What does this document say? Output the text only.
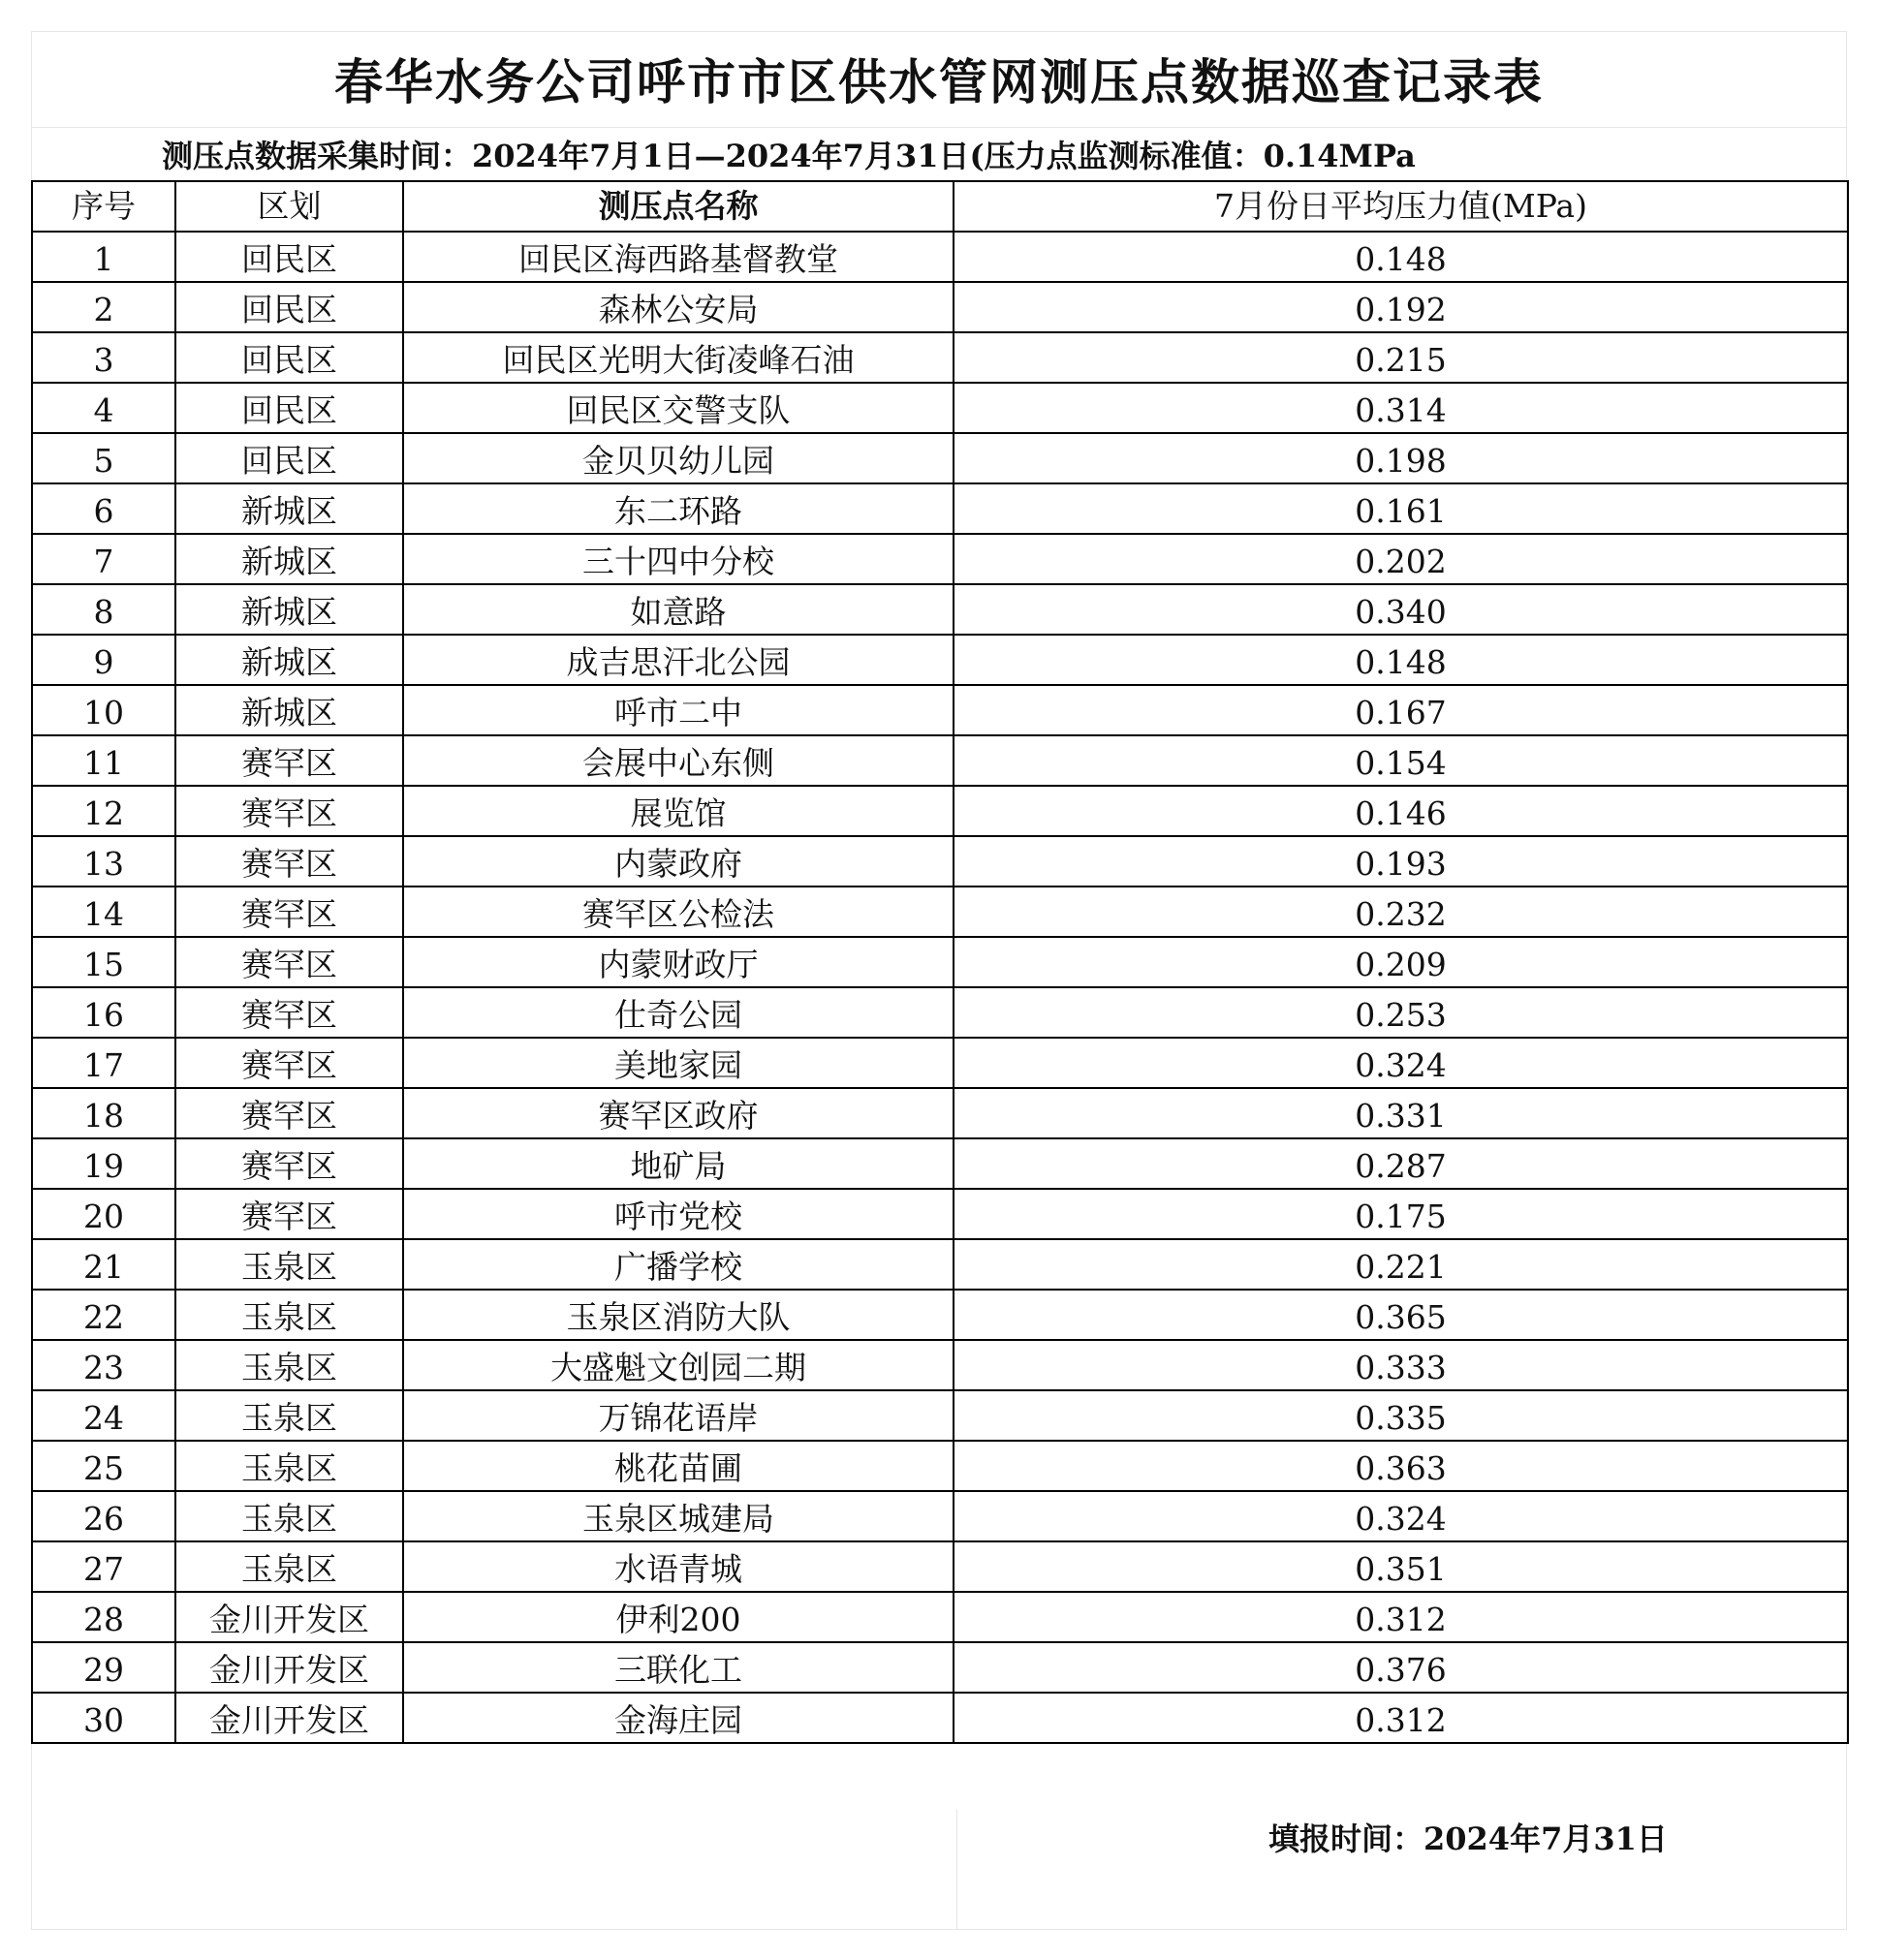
春华水务公司呼市市区供水管网测压点数据巡查记录表
测压点数据采集时间：2024年7月1日—2024年7月31日(压力点监测标准值：0.14MPa
序号	区划	测压点名称	7月份日平均压力值(MPa)
1	回民区	回民区海西路基督教堂	0.148
2	回民区	森林公安局	0.192
3	回民区	回民区光明大街凌峰石油	0.215
4	回民区	回民区交警支队	0.314
5	回民区	金贝贝幼儿园	0.198
6	新城区	东二环路	0.161
7	新城区	三十四中分校	0.202
8	新城区	如意路	0.340
9	新城区	成吉思汗北公园	0.148
10	新城区	呼市二中	0.167
11	赛罕区	会展中心东侧	0.154
12	赛罕区	展览馆	0.146
13	赛罕区	内蒙政府	0.193
14	赛罕区	赛罕区公检法	0.232
15	赛罕区	内蒙财政厅	0.209
16	赛罕区	仕奇公园	0.253
17	赛罕区	美地家园	0.324
18	赛罕区	赛罕区政府	0.331
19	赛罕区	地矿局	0.287
20	赛罕区	呼市党校	0.175
21	玉泉区	广播学校	0.221
22	玉泉区	玉泉区消防大队	0.365
23	玉泉区	大盛魁文创园二期	0.333
24	玉泉区	万锦花语岸	0.335
25	玉泉区	桃花苗圃	0.363
26	玉泉区	玉泉区城建局	0.324
27	玉泉区	水语青城	0.351
28	金川开发区	伊利200	0.312
29	金川开发区	三联化工	0.376
30	金川开发区	金海庄园	0.312
填报时间：2024年7月31日
